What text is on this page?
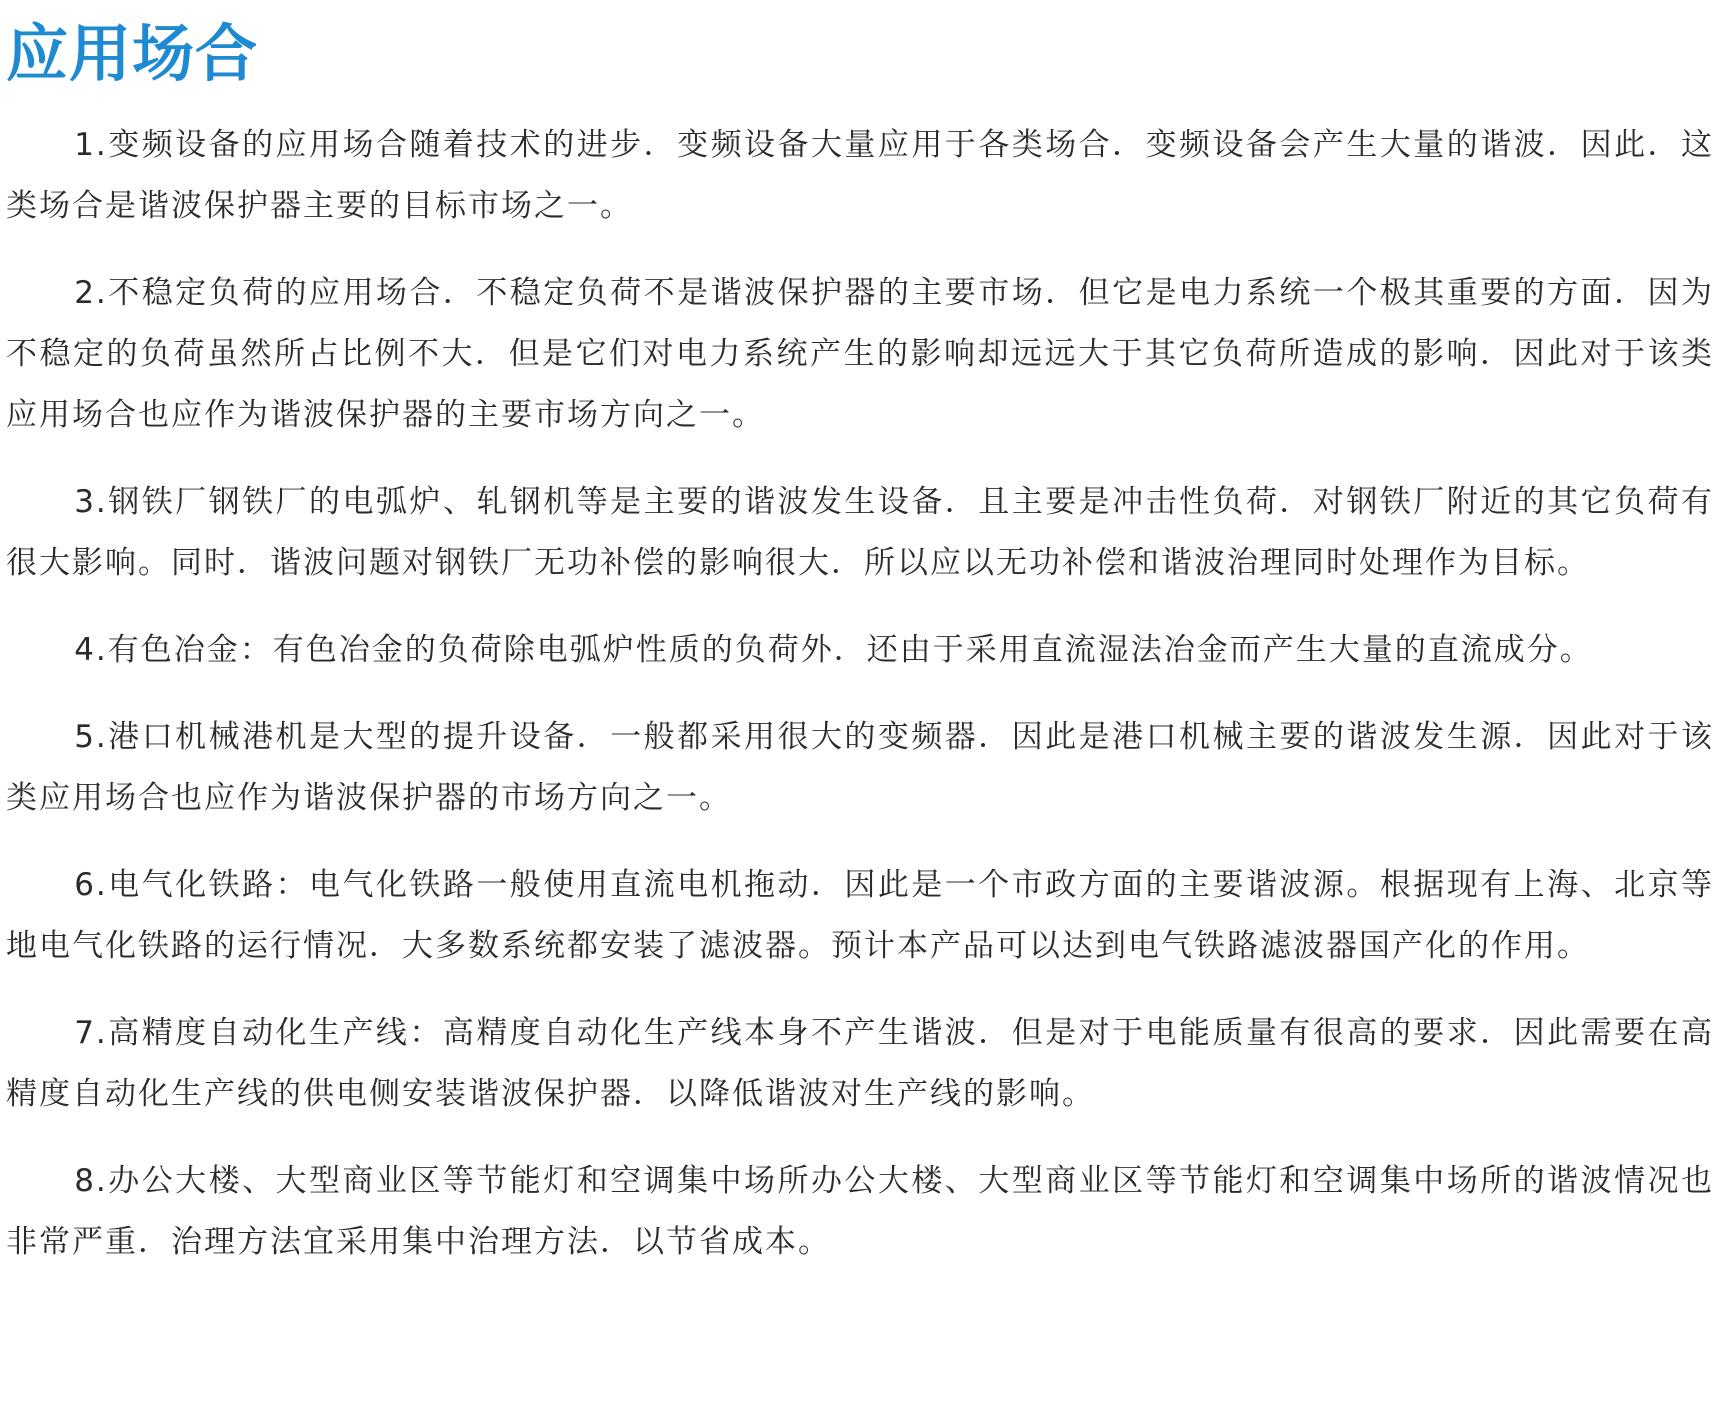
应用场合

1.变频设备的应用场合随着技术的进步．变频设备大量应用于各类场合．变频设备会产生大量的谐波．因此．这类场合是谐波保护器主要的目标市场之一。

2.不稳定负荷的应用场合．不稳定负荷不是谐波保护器的主要市场．但它是电力系统一个极其重要的方面．因为不稳定的负荷虽然所占比例不大．但是它们对电力系统产生的影响却远远大于其它负荷所造成的影响．因此对于该类应用场合也应作为谐波保护器的主要市场方向之一。

3.钢铁厂钢铁厂的电弧炉、轧钢机等是主要的谐波发生设备．且主要是冲击性负荷．对钢铁厂附近的其它负荷有很大影响。同时．谐波问题对钢铁厂无功补偿的影响很大．所以应以无功补偿和谐波治理同时处理作为目标。

4.有色冶金：有色冶金的负荷除电弧炉性质的负荷外．还由于采用直流湿法冶金而产生大量的直流成分。

5.港口机械港机是大型的提升设备．一般都采用很大的变频器．因此是港口机械主要的谐波发生源．因此对于该类应用场合也应作为谐波保护器的市场方向之一。

6.电气化铁路：电气化铁路一般使用直流电机拖动．因此是一个市政方面的主要谐波源。根据现有上海、北京等地电气化铁路的运行情况．大多数系统都安装了滤波器。预计本产品可以达到电气铁路滤波器国产化的作用。

7.高精度自动化生产线：高精度自动化生产线本身不产生谐波．但是对于电能质量有很高的要求．因此需要在高精度自动化生产线的供电侧安装谐波保护器．以降低谐波对生产线的影响。

8.办公大楼、大型商业区等节能灯和空调集中场所办公大楼、大型商业区等节能灯和空调集中场所的谐波情况也非常严重．治理方法宜采用集中治理方法．以节省成本。
